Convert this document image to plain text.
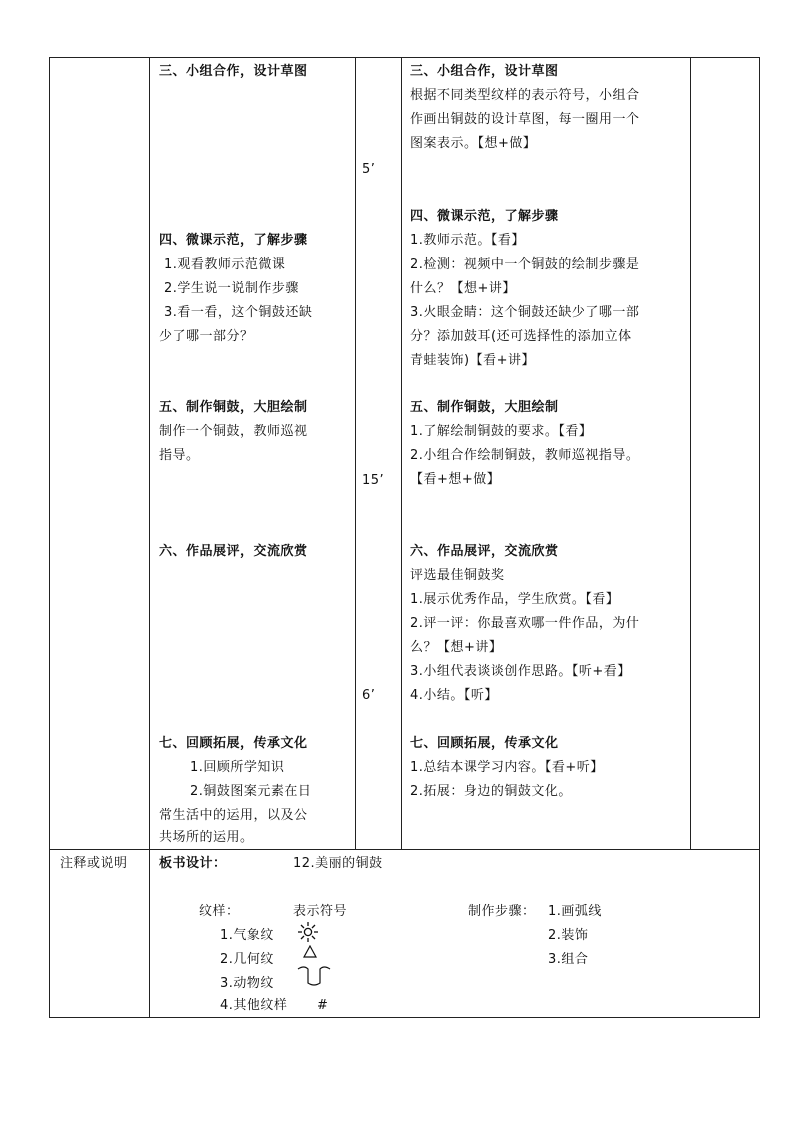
三、小组合作，设计草图
四、微课示范，了解步骤
1.观看教师示范微课
2.学生说一说制作步骤
3.看一看，这个铜鼓还缺
少了哪一部分？
五、制作铜鼓，大胆绘制
制作一个铜鼓，教师巡视
指导。
六、作品展评，交流欣赏
七、回顾拓展，传承文化
1.回顾所学知识
2.铜鼓图案元素在日
常生活中的运用，以及公
共场所的运用。
5’
15’
6’
三、小组合作，设计草图
根据不同类型纹样的表示符号，小组合
作画出铜鼓的设计草图，每一圈用一个
图案表示。【想+做】
四、微课示范，了解步骤
1.教师示范。【看】
2.检测：视频中一个铜鼓的绘制步骤是
什么？【想+讲】
3.火眼金睛：这个铜鼓还缺少了哪一部
分？添加鼓耳(还可选择性的添加立体
青蛙装饰)【看+讲】
五、制作铜鼓，大胆绘制
1.了解绘制铜鼓的要求。【看】
2.小组合作绘制铜鼓，教师巡视指导。
【看+想+做】
六、作品展评，交流欣赏
评选最佳铜鼓奖
1.展示优秀作品，学生欣赏。【看】
2.评一评：你最喜欢哪一件作品，为什
么？【想+讲】
3.小组代表谈谈创作思路。【听+看】
4.小结。【听】
七、回顾拓展，传承文化
1.总结本课学习内容。【看+听】
2.拓展：身边的铜鼓文化。
注释或说明 板书设计：	12.美丽的铜鼓
纹样：	表示符号
1.气象纹
2.几何纹
3.动物纹
4.其他纹样 #
制作步骤： 1.画弧线
2.装饰
3.组合
